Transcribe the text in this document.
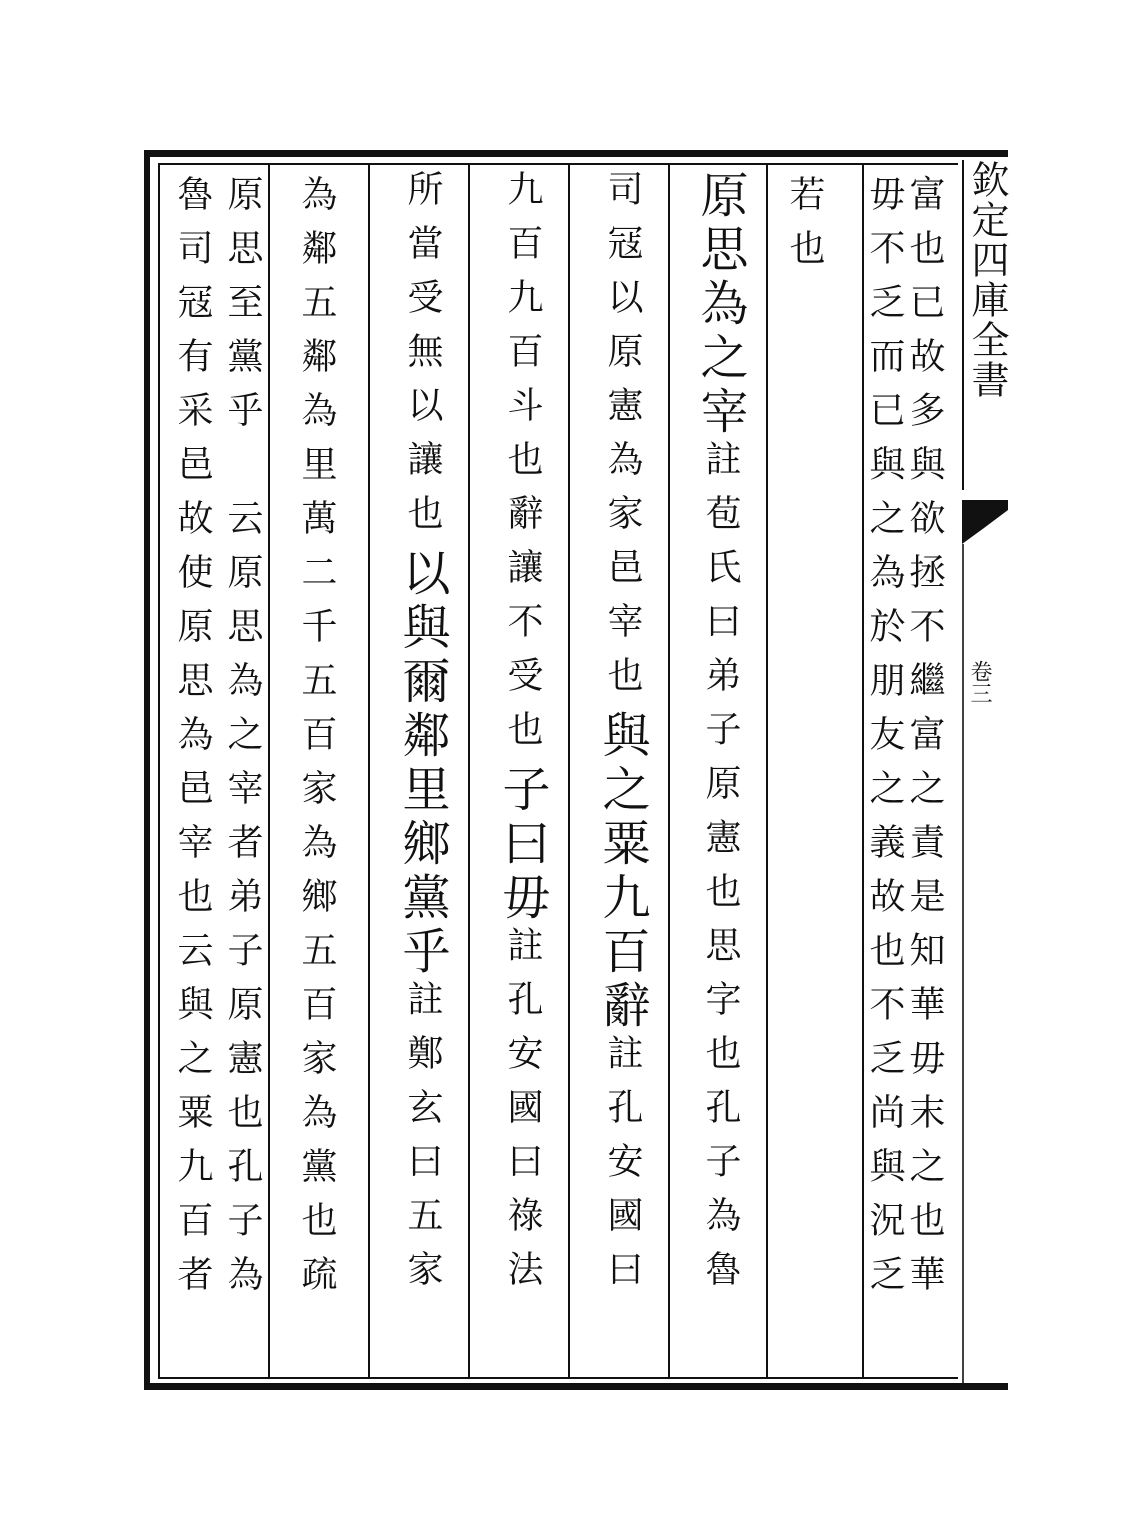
欽定四庫全書
卷三
富也已故多與欲拯不繼富之責是知華毋末之也華
毋不乏而已與之為於朋友之義故也不乏尚與況乏
若也
原思為之宰註苞氏曰弟子原憲也思字也孔子為魯
司冦以原憲為家邑宰也與之粟九百辭註孔安國曰
九百九百斗也辭讓不受也子曰毋註孔安國曰祿法
所當受無以讓也以與爾鄰里鄉黨乎註鄭玄曰五家
為鄰五鄰為里萬二千五百家為鄉五百家為黨也疏
原思至黨乎　云原思為之宰者弟子原憲也孔子為
魯司冦有采邑故使原思為邑宰也云與之粟九百者
